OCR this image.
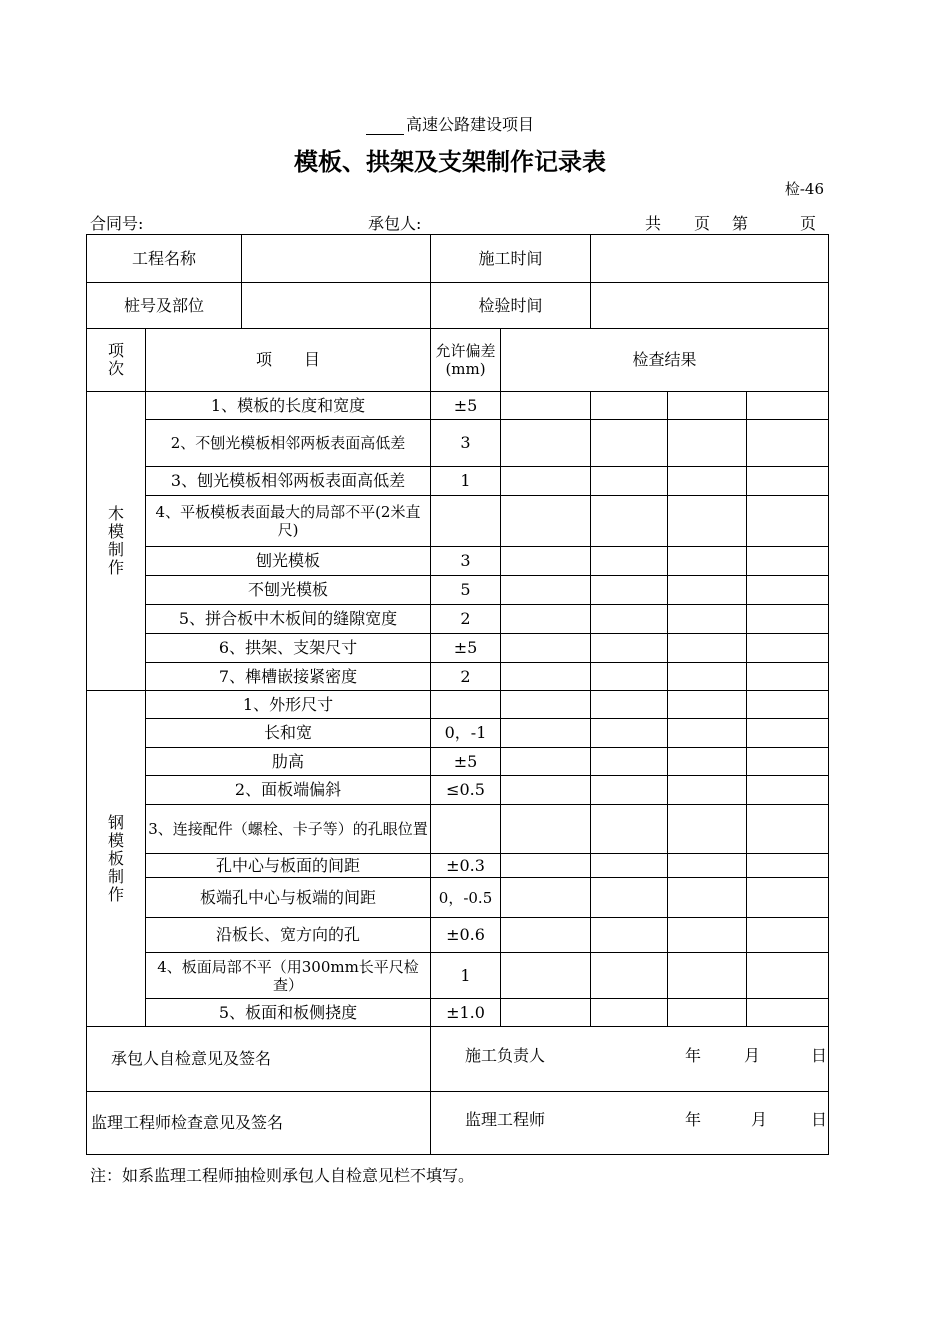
高速公路建设项目
模板、拱架及支架制作记录表
检-46
合同号:	承包人:	共 页 第	页
工程名称			施工时间				
桩号及部位			检验时间				

项次	项　　目		允许偏差(mm)	检查结果			

木模制作	1、模板的长度和宽度		±5				
	2、不刨光模板相邻两板表面高低差		3				
	3、刨光模板相邻两板表面高低差		1				
	4、平板模板表面最大的局部不平(2米直尺)						
	刨光模板		3				
	不刨光模板		5				
	5、拼合板中木板间的缝隙宽度		2				
	6、拱架、支架尺寸		±5				
	7、榫槽嵌接紧密度		2				

钢模板制作	1、外形尺寸						
	长和宽		0，-1				
	肋高		±5				
	2、面板端偏斜		≤0.5				
	3、连接配件（螺栓、卡子等）的孔眼位置						
	孔中心与板面的间距		±0.3				
	板端孔中心与板端的间距		0，-0.5				
	沿板长、宽方向的孔		±0.6				
	4、板面局部不平（用300mm长平尺检查）		1				
	5、板面和板侧挠度		±1.0				
承包人自检意见及签名			施工负责人 年 月 日				

监理工程师检查意见及签名			监理工程师 年 月 日				
注：如系监理工程师抽检则承包人自检意见栏不填写。
